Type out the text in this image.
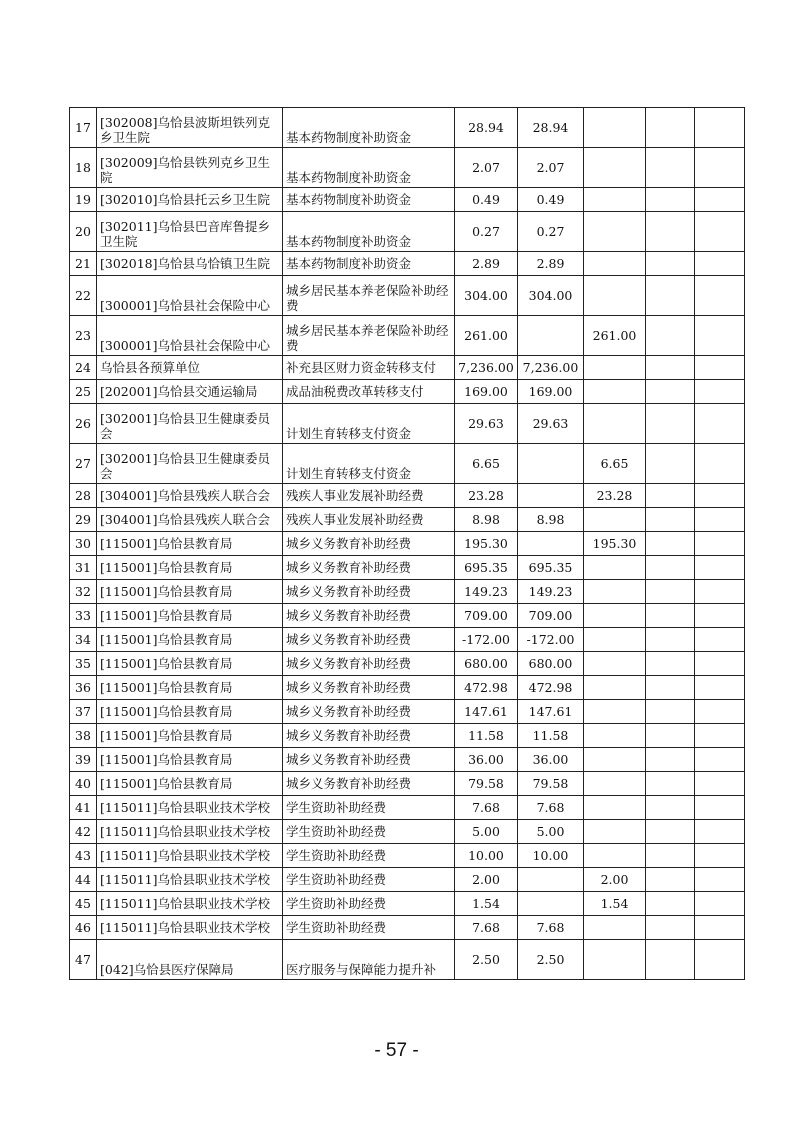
17	[302008]乌恰县波斯坦铁列克乡卫生院	基本药物制度补助资金	28.94	28.94			
18	[302009]乌恰县铁列克乡卫生院	基本药物制度补助资金	2.07	2.07			
19	[302010]乌恰县托云乡卫生院	基本药物制度补助资金	0.49	0.49			
20	[302011]乌恰县巴音库鲁提乡卫生院	基本药物制度补助资金	0.27	0.27			
21	[302018]乌恰县乌恰镇卫生院	基本药物制度补助资金	2.89	2.89			
22	[300001]乌恰县社会保险中心	城乡居民基本养老保险补助经费	304.00	304.00			
23	[300001]乌恰县社会保险中心	城乡居民基本养老保险补助经费	261.00		261.00		
24	乌恰县各预算单位	补充县区财力资金转移支付	7,236.00	7,236.00			
25	[202001]乌恰县交通运输局	成品油税费改革转移支付	169.00	169.00			
26	[302001]乌恰县卫生健康委员会	计划生育转移支付资金	29.63	29.63			
27	[302001]乌恰县卫生健康委员会	计划生育转移支付资金	6.65		6.65		
28	[304001]乌恰县残疾人联合会	残疾人事业发展补助经费	23.28		23.28		
29	[304001]乌恰县残疾人联合会	残疾人事业发展补助经费	8.98	8.98			
30	[115001]乌恰县教育局	城乡义务教育补助经费	195.30		195.30		
31	[115001]乌恰县教育局	城乡义务教育补助经费	695.35	695.35			
32	[115001]乌恰县教育局	城乡义务教育补助经费	149.23	149.23			
33	[115001]乌恰县教育局	城乡义务教育补助经费	709.00	709.00			
34	[115001]乌恰县教育局	城乡义务教育补助经费	-172.00	-172.00			
35	[115001]乌恰县教育局	城乡义务教育补助经费	680.00	680.00			
36	[115001]乌恰县教育局	城乡义务教育补助经费	472.98	472.98			
37	[115001]乌恰县教育局	城乡义务教育补助经费	147.61	147.61			
38	[115001]乌恰县教育局	城乡义务教育补助经费	11.58	11.58			
39	[115001]乌恰县教育局	城乡义务教育补助经费	36.00	36.00			
40	[115001]乌恰县教育局	城乡义务教育补助经费	79.58	79.58			
41	[115011]乌恰县职业技术学校	学生资助补助经费	7.68	7.68			
42	[115011]乌恰县职业技术学校	学生资助补助经费	5.00	5.00			
43	[115011]乌恰县职业技术学校	学生资助补助经费	10.00	10.00			
44	[115011]乌恰县职业技术学校	学生资助补助经费	2.00		2.00		
45	[115011]乌恰县职业技术学校	学生资助补助经费	1.54		1.54		
46	[115011]乌恰县职业技术学校	学生资助补助经费	7.68	7.68			
47	[042]乌恰县医疗保障局	医疗服务与保障能力提升补	2.50	2.50			
- 57 -
